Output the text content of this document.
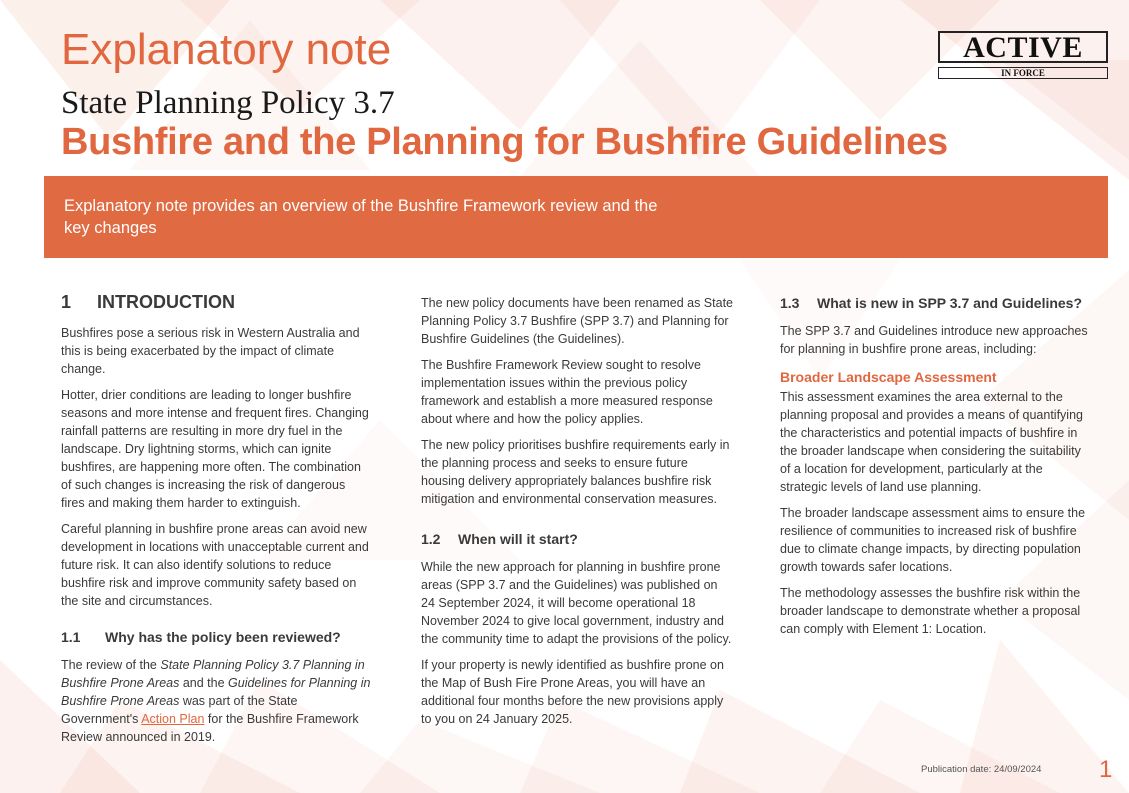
Explanatory note
State Planning Policy 3.7
Bushfire and the Planning for Bushfire Guidelines
ACTIVE
IN FORCE
Explanatory note provides an overview of the Bushfire Framework review and the key changes
1 INTRODUCTION

Bushfires pose a serious risk in Western Australia and this is being exacerbated by the impact of climate change.

Hotter, drier conditions are leading to longer bushfire seasons and more intense and frequent fires. Changing rainfall patterns are resulting in more dry fuel in the landscape. Dry lightning storms, which can ignite bushfires, are happening more often. The combination of such changes is increasing the risk of dangerous fires and making them harder to extinguish.

Careful planning in bushfire prone areas can avoid new development in locations with unacceptable current and future risk. It can also identify solutions to reduce bushfire risk and improve community safety based on the site and circumstances.

1.1 Why has the policy been reviewed?

The review of the State Planning Policy 3.7 Planning in Bushfire Prone Areas and the Guidelines for Planning in Bushfire Prone Areas was part of the State Government's Action Plan for the Bushfire Framework Review announced in 2019.

The new policy documents have been renamed as State Planning Policy 3.7 Bushfire (SPP 3.7) and Planning for Bushfire Guidelines (the Guidelines).

The Bushfire Framework Review sought to resolve implementation issues within the previous policy framework and establish a more measured response about where and how the policy applies.

The new policy prioritises bushfire requirements early in the planning process and seeks to ensure future housing delivery appropriately balances bushfire risk mitigation and environmental conservation measures.

1.2 When will it start?

While the new approach for planning in bushfire prone areas (SPP 3.7 and the Guidelines) was published on 24 September 2024, it will become operational 18 November 2024 to give local government, industry and the community time to adapt the provisions of the policy.

If your property is newly identified as bushfire prone on the Map of Bush Fire Prone Areas, you will have an additional four months before the new provisions apply to you on 24 January 2025.

1.3 What is new in SPP 3.7 and Guidelines?

The SPP 3.7 and Guidelines introduce new approaches for planning in bushfire prone areas, including:

Broader Landscape Assessment

This assessment examines the area external to the planning proposal and provides a means of quantifying the characteristics and potential impacts of bushfire in the broader landscape when considering the suitability of a location for development, particularly at the strategic levels of land use planning.

The broader landscape assessment aims to ensure the resilience of communities to increased risk of bushfire due to climate change impacts, by directing population growth towards safer locations.

The methodology assesses the bushfire risk within the broader landscape to demonstrate whether a proposal can comply with Element 1: Location.

Publication date: 24/09/2024 1
